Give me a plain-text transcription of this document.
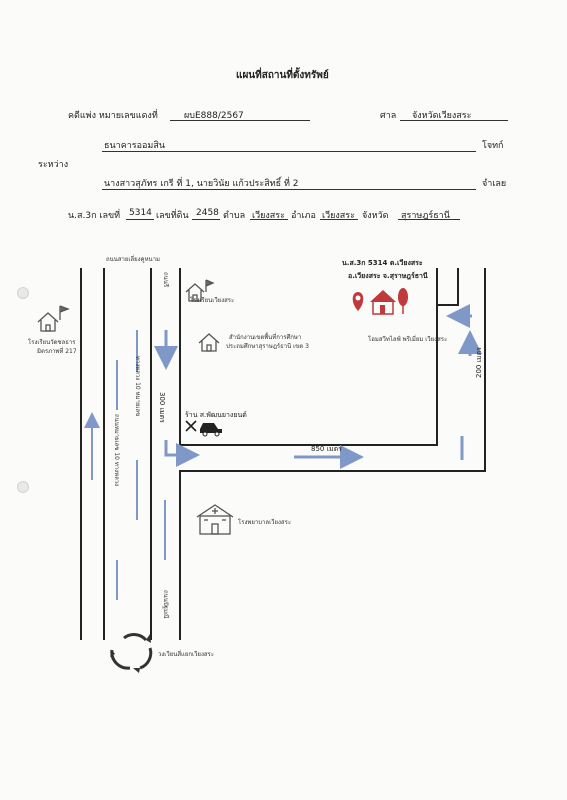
แผนที่สถานที่ตั้งทรัพย์
คดีแพ่ง หมายเลขแดงที่	ผบE888/2567	ศาล จังหวัดเวียงสระ
ระหว่าง
ธนาคารออมสิน	โจทก์
นางสาวสุภัทร เกรี ที่ 1, นายวินัย แก้วประสิทธิ์ ที่ 2	จำเลย
น.ส.3ก เลขที่ 5314 เลขที่ดิน 2458 ตำบล เวียงสระ อำเภอ เวียงสระ จังหวัด สุราษฎร์ธานี
ถนนสายเลี่ยงคูหนาม
โรงเรียนวัดชลธาร
มิตรภาพที่ 217
โรงเรียนเวียงสระ
สำนักงานเขตพื้นที่การศึกษา
ประถมศึกษาสุราษฎร์ธานี เขต 3
ร้าน ส.พัฒนยางยนต์
300 เมตร
850 เมตร
200 เมตร
น.ส.3ก 5314 ต.เวียงสระ
อ.เวียงสระ จ.สุราษฎร์ธานี
โฮมสวีทไลฟ์ พรีเมี่ยม เวียงสระ
โรงพยาบาลเวียงสระ
วงเวียนสี่แยกเวียงสระ
ถนนหมายเลข 10 ทางหลวง
ทางหลวง 10 หมายเลข
ถนนรี
ถนนปัฐมณี
